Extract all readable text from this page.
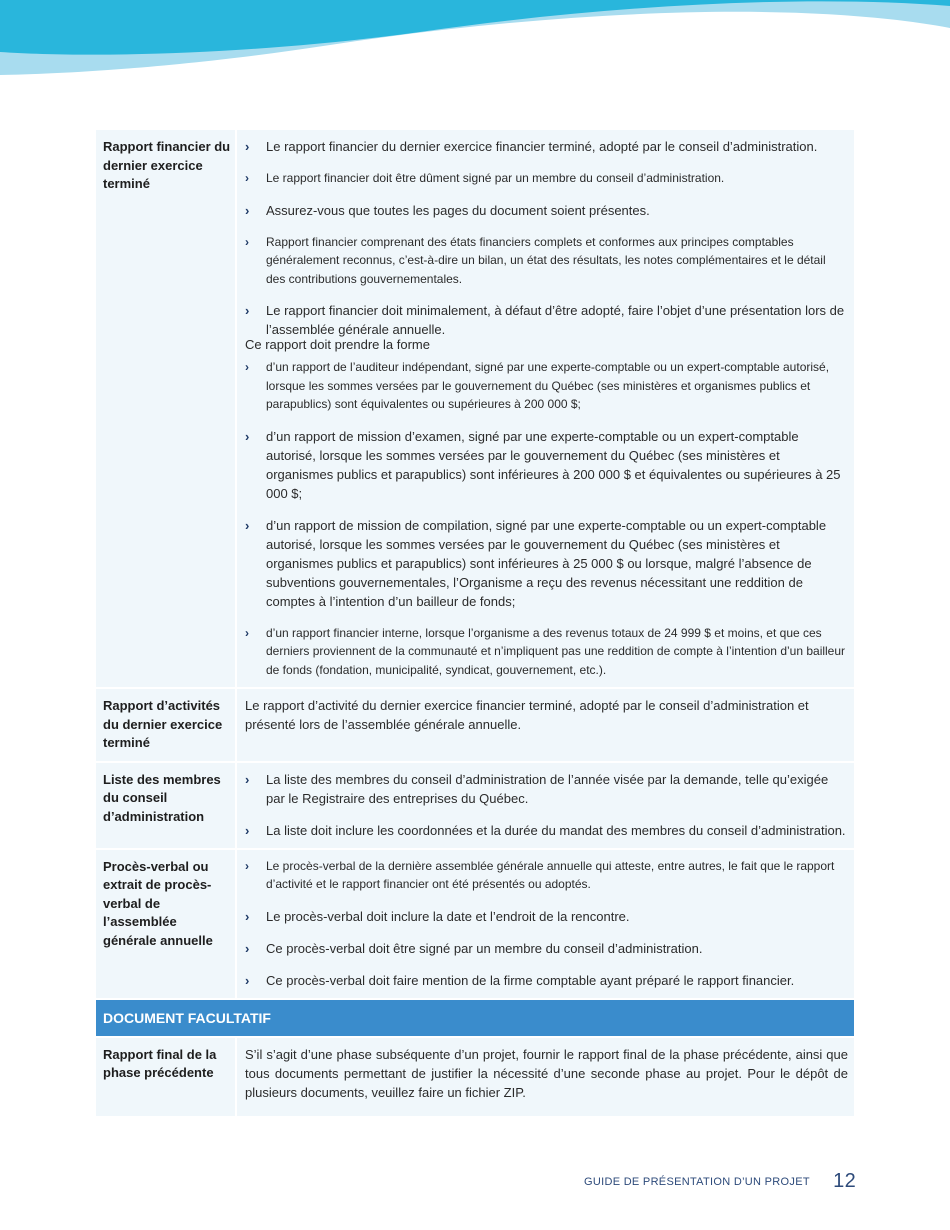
Rapport financier du dernier exercice terminé
› Le rapport financier du dernier exercice financier terminé, adopté par le conseil d’administration.
› Le rapport financier doit être dûment signé par un membre du conseil d’administration.
› Assurez-vous que toutes les pages du document soient présentes.
› Rapport financier comprenant des états financiers complets et conformes aux principes comptables généralement reconnus, c’est-à-dire un bilan, un état des résultats, les notes complémentaires et le détail des contributions gouvernementales.
› Le rapport financier doit minimalement, à défaut d’être adopté, faire l’objet d’une présentation lors de l’assemblée générale annuelle.

Ce rapport doit prendre la forme

› d’un rapport de l’auditeur indépendant, signé par une experte-comptable ou un expert-comptable autorisé, lorsque les sommes versées par le gouvernement du Québec (ses ministères et organismes publics et parapublics) sont équivalentes ou supérieures à 200 000 $;
› d’un rapport de mission d’examen, signé par une experte-comptable ou un expert-comptable autorisé, lorsque les sommes versées par le gouvernement du Québec (ses ministères et organismes publics et parapublics) sont inférieures à 200 000 $ et équivalentes ou supérieures à 25 000 $;
› d’un rapport de mission de compilation, signé par une experte-comptable ou un expert-comptable autorisé, lorsque les sommes versées par le gouvernement du Québec (ses ministères et organismes publics et parapublics) sont inférieures à 25 000 $ ou lorsque, malgré l’absence de subventions gouvernementales, l’Organisme a reçu des revenus nécessitant une reddition de comptes à l’intention d’un bailleur de fonds;
› d’un rapport financier interne, lorsque l’organisme a des revenus totaux de 24 999 $ et moins, et que ces derniers proviennent de la communauté et n’impliquent pas une reddition de compte à l’intention d’un bailleur de fonds (fondation, municipalité, syndicat, gouvernement, etc.).
Rapport d’activités du dernier exercice terminé

Le rapport d’activité du dernier exercice financier terminé, adopté par le conseil d’administration et présenté lors de l’assemblée générale annuelle.

Liste des membres du conseil d’administration
› La liste des membres du conseil d’administration de l’année visée par la demande, telle qu’exigée par le Registraire des entreprises du Québec.
› La liste doit inclure les coordonnées et la durée du mandat des membres du conseil d’administration.
Procès-verbal ou extrait de procès-verbal de l’assemblée générale annuelle
› Le procès-verbal de la dernière assemblée générale annuelle qui atteste, entre autres, le fait que le rapport d’activité et le rapport financier ont été présentés ou adoptés.
› Le procès-verbal doit inclure la date et l’endroit de la rencontre.
› Ce procès-verbal doit être signé par un membre du conseil d’administration.
› Ce procès-verbal doit faire mention de la firme comptable ayant préparé le rapport financier.
DOCUMENT FACULTATIF
Rapport final de la phase précédente

S’il s’agit d’une phase subséquente d’un projet, fournir le rapport final de la phase précédente, ainsi que tous documents permettant de justifier la nécessité d’une seconde phase au projet. Pour le dépôt de plusieurs documents, veuillez faire un fichier ZIP.

GUIDE DE PRÉSENTATION D’UN PROJET 12
